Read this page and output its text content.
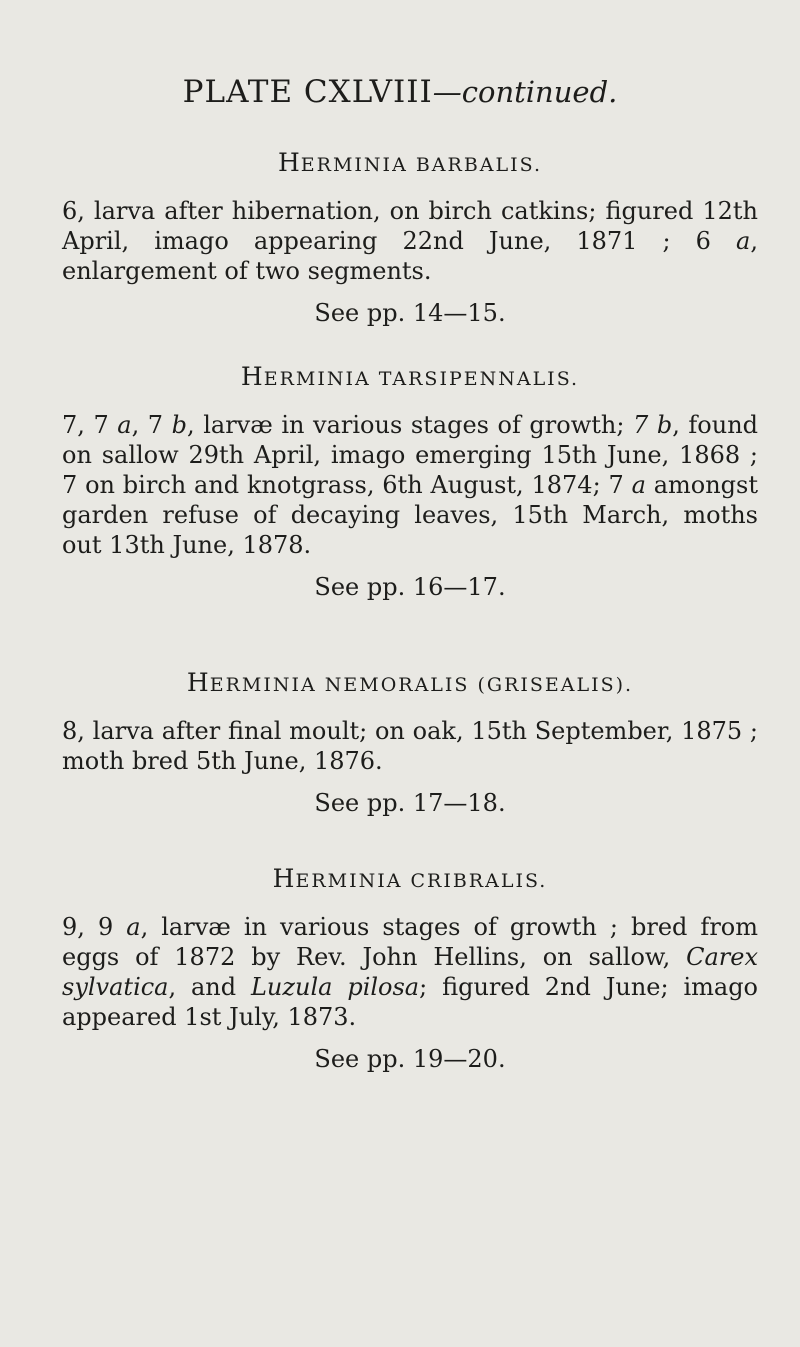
PLATE CXLVIII—continued.
HERMINIA BARBALIS.

6, larva after hibernation, on birch catkins; figured 12th April, imago appearing 22nd June, 1871 ; 6 a, enlargement of two segments.

See pp. 14—15.
HERMINIA TARSIPENNALIS.

7, 7 a, 7 b, larvæ in various stages of growth; 7 b, found on sallow 29th April, imago emerging 15th June, 1868 ; 7 on birch and knotgrass, 6th August, 1874; 7 a amongst garden refuse of decaying leaves, 15th March, moths out 13th June, 1878.

See pp. 16—17.
HERMINIA NEMORALIS (GRISEALIS).

8, larva after final moult; on oak, 15th September, 1875 ; moth bred 5th June, 1876.

See pp. 17—18.
HERMINIA CRIBRALIS.

9, 9 a, larvæ in various stages of growth ; bred from eggs of 1872 by Rev. John Hellins, on sallow, Carex sylvatica, and Luzula pilosa; figured 2nd June; imago appeared 1st July, 1873.

See pp. 19—20.
